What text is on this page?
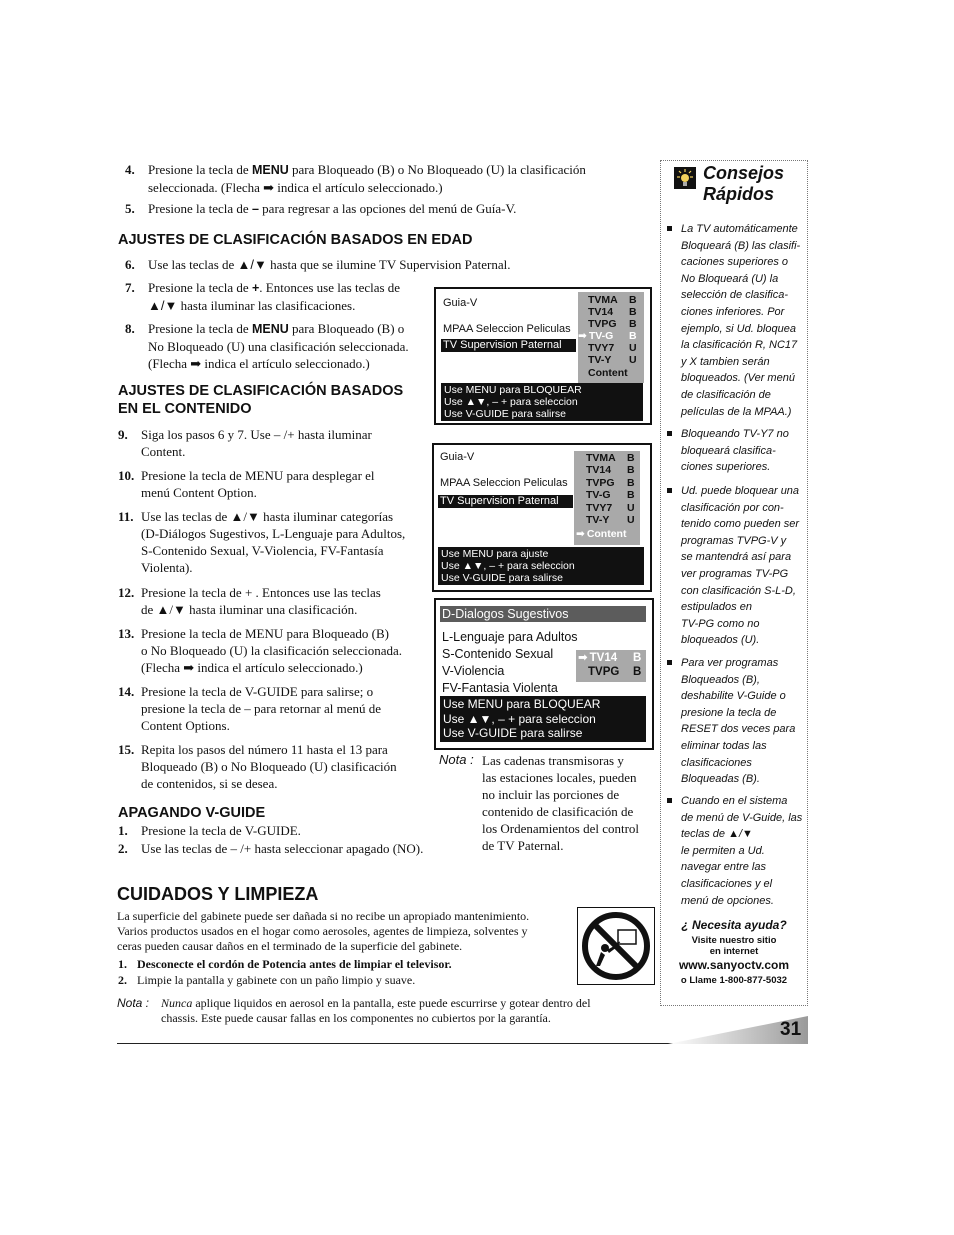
4. Presione la tecla de MENU para Bloqueado (B) o No Bloqueado (U) la clasificación
seleccionada. (Flecha ➡ indica el artículo seleccionado.)
5. Presione la tecla de – para regresar a las opciones del menú de Guía-V.
AJUSTES DE CLASIFICACIÓN BASADOS EN EDAD
6. Use las teclas de ▲/▼ hasta que se ilumine TV Supervision Paternal.
7. Presione la tecla de +. Entonces use las teclas de
▲/▼ hasta iluminar las clasificaciones.
8. Presione la tecla de MENU para Bloqueado (B) o
No Bloqueado (U) una clasificación seleccionada.
(Flecha ➡ indica el artículo seleccionado.)
AJUSTES DE CLASIFICACIÓN BASADOS
EN EL CONTENIDO
9. Siga los pasos 6 y 7. Use – /+ hasta iluminar
Content.
10. Presione la tecla de MENU para desplegar el
menú Content Option.
11. Use las teclas de ▲/▼ hasta iluminar categorías
(D-Diálogos Sugestivos, L-Lenguaje para Adultos,
S-Contenido Sexual, V-Violencia, FV-Fantasía
Violenta).
12. Presione la tecla de + . Entonces use las teclas
de ▲/▼ hasta iluminar una clasificación.
13. Presione la tecla de MENU para Bloqueado (B)
o No Bloqueado (U) la clasificación seleccionada.
(Flecha ➡ indica el artículo seleccionado.)
14. Presione la tecla de V-GUIDE para salirse; o
presione la tecla de – para retornar al menú de
Content Options.
15. Repita los pasos del número 11 hasta el 13 para
Bloqueado (B) o No Bloqueado (U) clasificación
de contenidos, si se desea.
APAGANDO V-GUIDE
1. Presione la tecla de V-GUIDE.
2. Use las teclas de – /+ hasta seleccionar apagado (NO).
Guia-V
MPAA Seleccion Peliculas
TV Supervision Paternal
TVMA B
TV14 B
TVPG B
➡ TV-G B
TVY7 U
TV-Y U
Content
Use MENU para BLOQUEAR
Use ▲▼, – + para seleccion
Use V-GUIDE para salirse
Guia-V
MPAA Seleccion Peliculas
TV Supervision Paternal
TVMA B
TV14 B
TVPG B
TV-G B
TVY7 U
TV-Y U
➡ Content
Use MENU para ajuste
Use ▲▼, – + para seleccion
Use V-GUIDE para salirse
D-Dialogos Sugestivos
L-Lenguaje para Adultos
S-Contenido Sexual
V-Violencia
FV-Fantasia Violenta
➡ TV14 B
TVPG B
Use MENU para BLOQUEAR
Use ▲▼, – + para seleccion
Use V-GUIDE para salirse
Nota : Las cadenas transmisoras y
las estaciones locales, pueden
no incluir las porciones de
contenido de clasificación de
los Ordenamientos del control
de TV Paternal.
CUIDADOS Y LIMPIEZA
La superficie del gabinete puede ser dañada si no recibe un apropiado mantenimiento.
Varios productos usados en el hogar como aerosoles, agentes de limpieza, solventes y
ceras pueden causar daños en el terminado de la superficie del gabinete.
1. Desconecte el cordón de Potencia antes de limpiar el televisor.
2. Limpie la pantalla y gabinete con un paño limpio y suave.
Nota : Nunca aplique liquidos en aerosol en la pantalla, este puede escurrirse y gotear dentro del
chassis. Este puede causar fallas en los componentes no cubiertos por la garantía.
Consejos
Rápidos
La TV automáticamente
Bloqueará (B) las clasifi-
caciones superiores o
No Bloqueará (U) la
selección de clasifica-
ciones inferiores. Por
ejemplo, si Ud. bloquea
la clasificación R, NC17
y X tambien serán
bloqueados. (Ver menú
de clasificación de
películas de la MPAA.)
Bloqueando TV-Y7 no
bloqueará clasifica-
ciones superiores.
Ud. puede bloquear una
clasificación por con-
tenido como pueden ser
programas TVPG-V y
se mantendrá así para
ver programas TV-PG
con clasificación S-L-D,
estipulados en
TV-PG como no
bloqueados (U).
Para ver programas
Bloqueados (B),
deshabilite V-Guide o
presione la tecla de
RESET dos veces para
eliminar todas las
clasificaciones
Bloqueadas (B).
Cuando en el sistema
de menú de V-Guide, las
teclas de ▲/▼
le permiten a Ud.
navegar entre las
clasificaciones y el
menú de opciones.
¿ Necesita ayuda?
Visite nuestro sitio
en internet
www.sanyoctv.com
o Llame 1-800-877-5032
31
